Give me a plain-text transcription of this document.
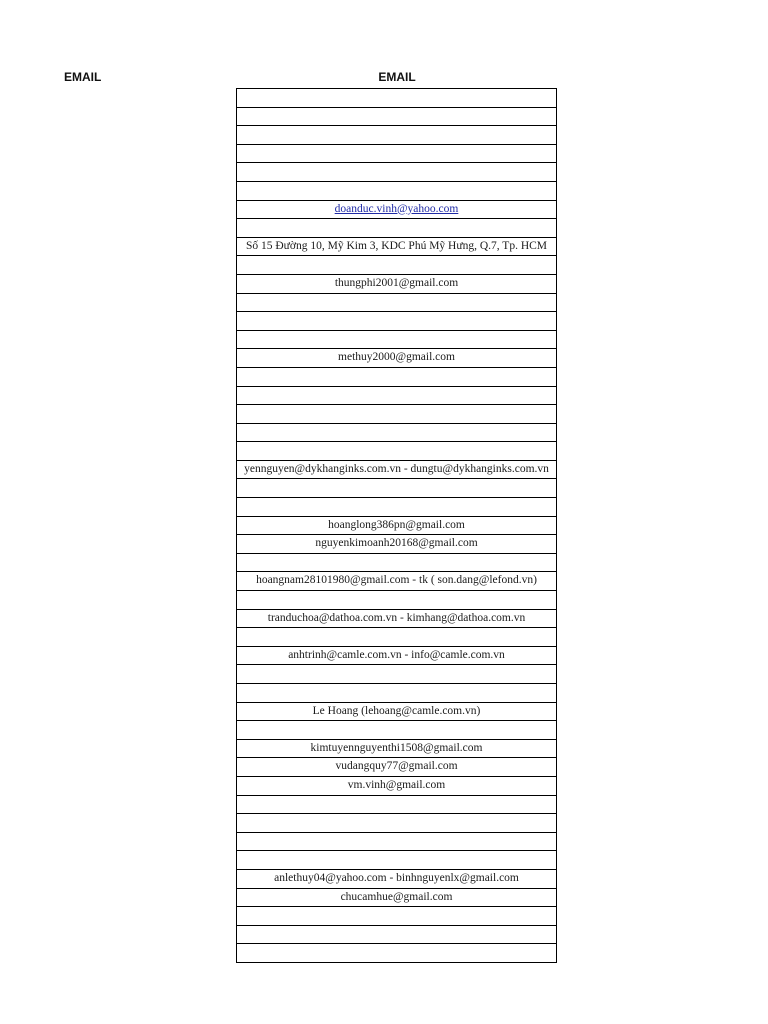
EMAIL	EMAIL
doanduc.vinh@yahoo.com
Số 15 Đường 10, Mỹ Kim 3, KDC Phú Mỹ Hưng, Q.7, Tp. HCM
thungphi2001@gmail.com
methuy2000@gmail.com
yennguyen@dykhanginks.com.vn - dungtu@dykhanginks.com.vn
hoanglong386pn@gmail.com
nguyenkimoanh20168@gmail.com
hoangnam28101980@gmail.com - tk ( son.dang@lefond.vn)
tranduchoa@dathoa.com.vn - kimhang@dathoa.com.vn
anhtrinh@camle.com.vn - info@camle.com.vn
Le Hoang (lehoang@camle.com.vn)
kimtuyennguyenthi1508@gmail.com
vudangquy77@gmail.com
vm.vinh@gmail.com
anlethuy04@yahoo.com - binhnguyenlx@gmail.com
chucamhue@gmail.com
